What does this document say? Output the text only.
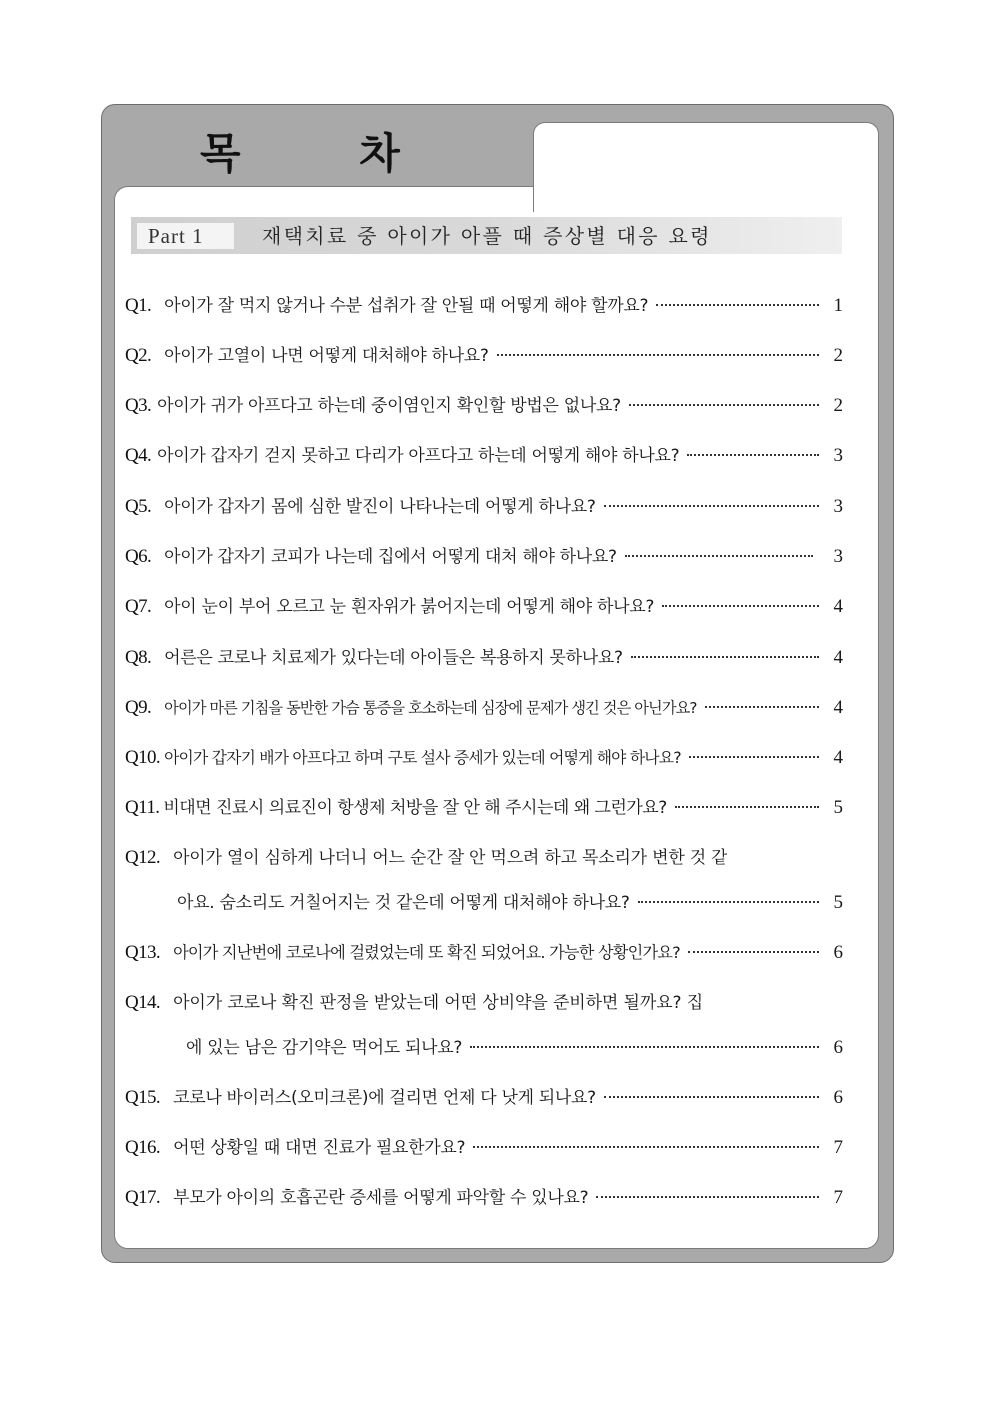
목 차
Part 1	재택치료 중 아이가 아플 때 증상별 대응 요령
Q1. 아이가 잘 먹지 않거나 수분 섭취가 잘 안될 때 어떻게 해야 할까요?	1
Q2. 아이가 고열이 나면 어떻게 대처해야 하나요?	2
Q3. 아이가 귀가 아프다고 하는데 중이염인지 확인할 방법은 없나요?	2
Q4. 아이가 갑자기 걷지 못하고 다리가 아프다고 하는데 어떻게 해야 하나요?	3
Q5. 아이가 갑자기 몸에 심한 발진이 나타나는데 어떻게 하나요?	3
Q6. 아이가 갑자기 코피가 나는데 집에서 어떻게 대처 해야 하나요?	3
Q7. 아이 눈이 부어 오르고 눈 흰자위가 붉어지는데 어떻게 해야 하나요?	4
Q8. 어른은 코로나 치료제가 있다는데 아이들은 복용하지 못하나요?	4
Q9. 아이가 마른 기침을 동반한 가슴 통증을 호소하는데 심장에 문제가 생긴 것은 아닌가요?	4
Q10. 아이가 갑자기 배가 아프다고 하며 구토 설사 증세가 있는데 어떻게 해야 하나요?	4
Q11. 비대면 진료시 의료진이 항생제 처방을 잘 안 해 주시는데 왜 그런가요?	5
Q12. 아이가 열이 심하게 나더니 어느 순간 잘 안 먹으려 하고 목소리가 변한 것 같
아요. 숨소리도 거칠어지는 것 같은데 어떻게 대처해야 하나요?	5
Q13. 아이가 지난번에 코로나에 걸렸었는데 또 확진 되었어요. 가능한 상황인가요?	6
Q14. 아이가 코로나 확진 판정을 받았는데 어떤 상비약을 준비하면 될까요? 집
에 있는 남은 감기약은 먹어도 되나요?	6
Q15. 코로나 바이러스(오미크론)에 걸리면 언제 다 낫게 되나요?	6
Q16. 어떤 상황일 때 대면 진료가 필요한가요?	7
Q17. 부모가 아이의 호흡곤란 증세를 어떻게 파악할 수 있나요?	7
